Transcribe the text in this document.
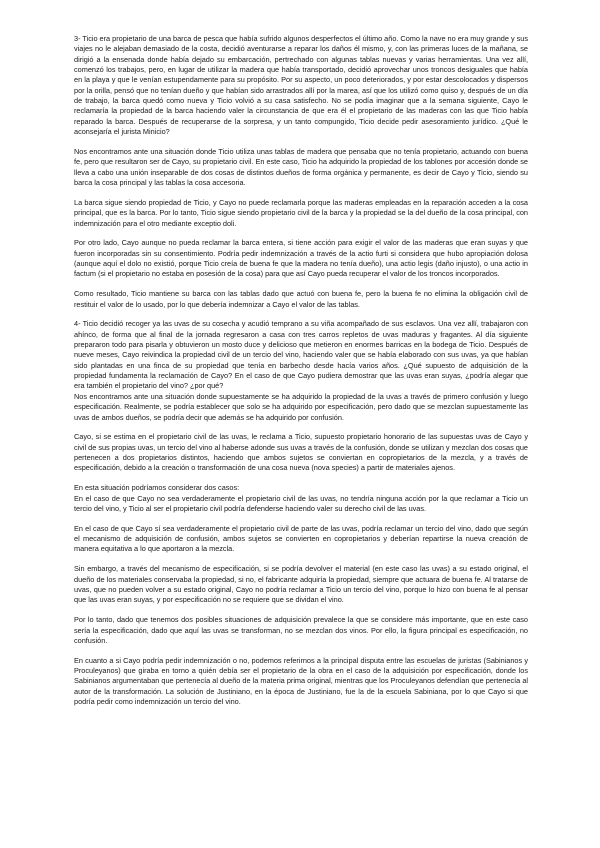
3- Ticio era propietario de una barca de pesca que había sufrido algunos desperfectos el último año. Como la nave no era muy grande y sus viajes no le alejaban demasiado de la costa, decidió aventurarse a reparar los daños él mismo, y, con las primeras luces de la mañana, se dirigió a la ensenada donde había dejado su embarcación, pertrechado con algunas tablas nuevas y varias herramientas. Una vez allí, comenzó los trabajos, pero, en lugar de utilizar la madera que había transportado, decidió aprovechar unos troncos desiguales que había en la playa y que le venían estupendamente para su propósito. Por su aspecto, un poco deteriorados, y por estar descolocados y dispersos por la orilla, pensó que no tenían dueño y que habían sido arrastrados allí por la marea, así que los utilizó como quiso y, después de un día de trabajo, la barca quedó como nueva y Ticio volvió a su casa satisfecho. No se podía imaginar que a la semana siguiente, Cayo le reclamaría la propiedad de la barca haciendo valer la circunstancia de que era él el propietario de las maderas con las que Ticio había reparado la barca. Después de recuperarse de la sorpresa, y un tanto compungido, Ticio decide pedir asesoramiento jurídico. ¿Qué le aconsejaría el jurista Minicio?

Nos encontramos ante una situación donde Ticio utiliza unas tablas de madera que pensaba que no tenía propietario, actuando con buena fe, pero que resultaron ser de Cayo, su propietario civil. En este caso, Ticio ha adquirido la propiedad de los tablones por accesión donde se lleva a cabo una unión inseparable de dos cosas de distintos dueños de forma orgánica y permanente, es decir de Cayo y Ticio, siendo su barca la cosa principal y las tablas la cosa accesoria.

La barca sigue siendo propiedad de Ticio, y Cayo no puede reclamarla porque las maderas empleadas en la reparación acceden a la cosa principal, que es la barca. Por lo tanto, Ticio sigue siendo propietario civil de la barca y la propiedad se la del dueño de la cosa principal, con indemnización para el otro mediante exceptio doli.

Por otro lado, Cayo aunque no pueda reclamar la barca entera, si tiene acción para exigir el valor de las maderas que eran suyas y que fueron incorporadas sin su consentimiento. Podría pedir indemnización a través de la actio furti si considera que hubo apropiación dolosa (aunque aquí el dolo no existió, porque Ticio creía de buena fe que la madera no tenía dueño), una actio legis (daño injusto), o una actio in factum (si el propietario no estaba en posesión de la cosa) para que así Cayo pueda recuperar el valor de los troncos incorporados.

Como resultado, Ticio mantiene su barca con las tablas dado que actuó con buena fe, pero la buena fe no elimina la obligación civil de restituir el valor de lo usado, por lo que debería indemnizar a Cayo el valor de las tablas.

4- Ticio decidió recoger ya las uvas de su cosecha y acudió temprano a su viña acompañado de sus esclavos. Una vez allí, trabajaron con ahínco, de forma que al final de la jornada regresaron a casa con tres carros repletos de uvas maduras y fragantes. Al día siguiente prepararon todo para pisarla y obtuvieron un mosto duce y delicioso que metieron en enormes barricas en la bodega de Ticio. Después de nueve meses, Cayo reivindica la propiedad civil de un tercio del vino, haciendo valer que se había elaborado con sus uvas, ya que habían sido plantadas en una finca de su propiedad que tenía en barbecho desde hacía varios años. ¿Qué supuesto de adquisición de la propiedad fundamenta la reclamación de Cayo? En el caso de que Cayo pudiera demostrar que las uvas eran suyas, ¿podría alegar que era también el propietario del vino? ¿por qué?

Nos encontramos ante una situación donde supuestamente se ha adquirido la propiedad de la uvas a través de primero confusión y luego especificación. Realmente, se podría establecer que solo se ha adquirido por especificación, pero dado que se mezclan supuestamente las uvas de ambos dueños, se podría decir que además se ha adquirido por confusión.

Cayo, si se estima en el propietario civil de las uvas, le reclama a Ticio, supuesto propietario honorario de las supuestas uvas de Cayo y civil de sus propias uvas, un tercio del vino al haberse adonde sus uvas a través de la confusión, donde se utilizan y mezclan dos cosas que pertenecen a dos propietarios distintos, haciendo que ambos sujetos se conviertan en copropietarios de la mezcla, y a través de especificación, debido a la creación o transformación de una cosa nueva (nova species) a partir de materiales ajenos.

En esta situación podríamos considerar dos casos:

En el caso de que Cayo no sea verdaderamente el propietario civil de las uvas, no tendría ninguna acción por la que reclamar a Ticio un tercio del vino, y Ticio al ser el propietario civil podría defenderse haciendo valer su derecho civil de las uvas.

En el caso de que Cayo sí sea verdaderamente el propietario civil de parte de las uvas, podría reclamar un tercio del vino, dado que según el mecanismo de adquisición de confusión, ambos sujetos se convierten en copropietarios y deberían repartirse la nueva creación de manera equitativa a lo que aportaron a la mezcla.

Sin embargo, a través del mecanismo de especificación, si se podría devolver el material (en este caso las uvas) a su estado original, el dueño de los materiales conservaba la propiedad, si no, el fabricante adquiría la propiedad, siempre que actuara de buena fe. Al tratarse de uvas, que no pueden volver a su estado original, Cayo no podría reclamar a Ticio un tercio del vino, porque lo hizo con buena fe al pensar que las uvas eran suyas, y por especificación no se requiere que se dividan el vino.

Por lo tanto, dado que tenemos dos posibles situaciones de adquisición prevalece la que se considere más importante, que en este caso sería la especificación, dado que aquí las uvas se transforman, no se mezclan dos vinos. Por ello, la figura principal es especificación, no confusión.

En cuanto a si Cayo podría pedir indemnización o no, podemos referirnos a la principal disputa entre las escuelas de juristas (Sabinianos y Proculeyanos) que giraba en torno a quién debía ser el propietario de la obra en el caso de la adquisición por especificación, donde los Sabinianos argumentaban que pertenecía al dueño de la materia prima original, mientras que los Proculeyanos defendían que pertenecía al autor de la transformación. La solución de Justiniano, en la época de Justiniano, fue la de la escuela Sabiniana, por lo que Cayo si que podría pedir como indemnización un tercio del vino.
